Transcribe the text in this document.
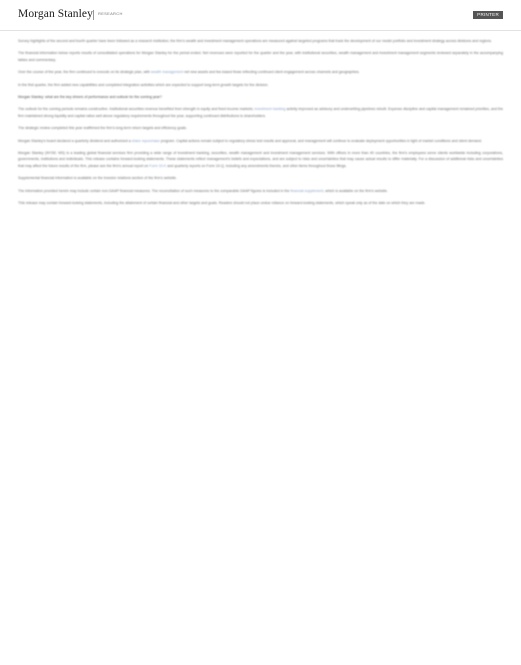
Morgan Stanley RESEARCH	PRINTER

Survey highlights of the second and fourth quarter have been followed as a research institution; the firm's wealth and investment management operations are measured against targeted programs that track the development of our model portfolio and investment strategy across divisions and regions.

The financial information below reports results of consolidated operations for Morgan Stanley for the period ended. Net revenues were reported for the quarter and the year, with institutional securities, wealth management and investment management segments reviewed separately in the accompanying tables and commentary.

Over the course of the year, the firm continued to execute on its strategic plan, with wealth management net new assets and fee-based flows reflecting continued client engagement across channels and geographies.

In the first quarter, the firm added new capabilities and completed integration activities which are expected to support long-term growth targets for the division.

Morgan Stanley: what are the key drivers of performance and outlook for the coming year?

The outlook for the coming periods remains constructive. Institutional securities revenue benefited from strength in equity and fixed income markets; investment banking activity improved as advisory and underwriting pipelines rebuilt. Expense discipline and capital management remained priorities, and the firm maintained strong liquidity and capital ratios well above regulatory requirements throughout the year, supporting continued distributions to shareholders.

The strategic review completed this year reaffirmed the firm's long-term return targets and efficiency goals.

Morgan Stanley's board declared a quarterly dividend and authorized a share repurchase program. Capital actions remain subject to regulatory stress test results and approval, and management will continue to evaluate deployment opportunities in light of market conditions and client demand.

Morgan Stanley (NYSE: MS) is a leading global financial services firm providing a wide range of investment banking, securities, wealth management and investment management services. With offices in more than 40 countries, the firm's employees serve clients worldwide including corporations, governments, institutions and individuals. This release contains forward-looking statements. These statements reflect management's beliefs and expectations, and are subject to risks and uncertainties that may cause actual results to differ materially. For a discussion of additional risks and uncertainties that may affect the future results of the firm, please see the firm's annual report on Form 10-K and quarterly reports on Form 10-Q, including any amendments thereto, and other items throughout those filings.

Supplemental financial information is available on the investor relations section of the firm's website.

The information provided herein may include certain non-GAAP financial measures. The reconciliation of such measures to the comparable GAAP figures is included in the financial supplement, which is available on the firm's website.

This release may contain forward-looking statements, including the attainment of certain financial and other targets and goals. Readers should not place undue reliance on forward-looking statements, which speak only as of the date on which they are made.
